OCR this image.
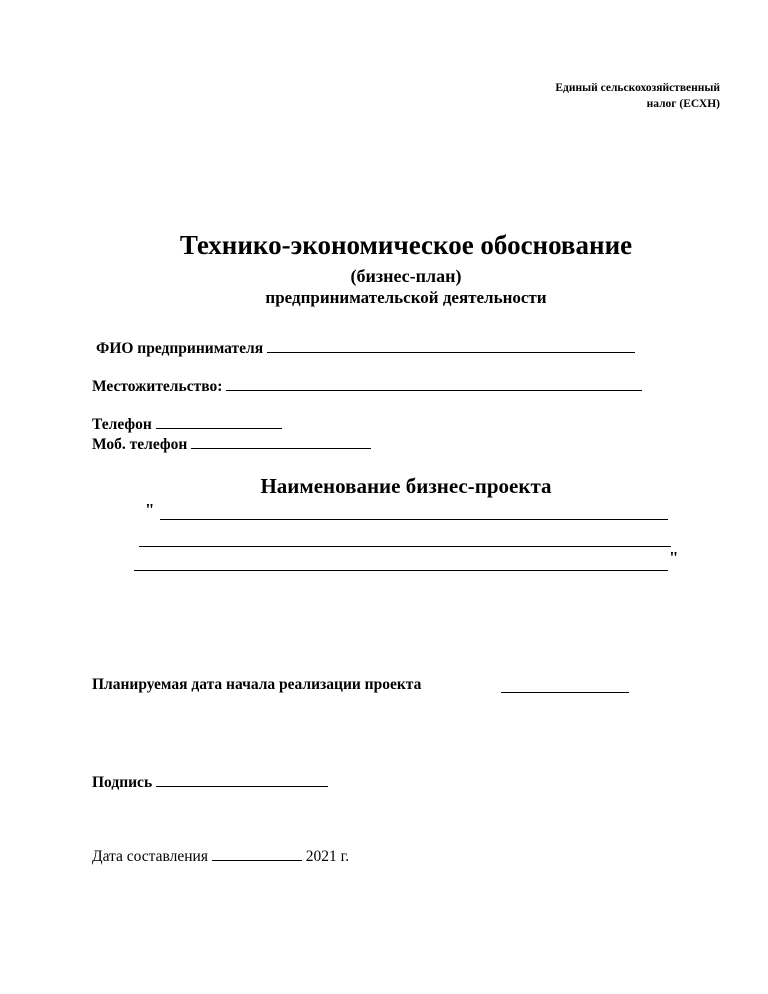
Единый сельскохозяйственный
налог (ЕСХН)
Технико-экономическое обоснование
(бизнес-план)
предпринимательской деятельности
ФИО предпринимателя
Местожительство:
Телефон
Моб. телефон
Наименование бизнес-проекта
"
"
Планируемая дата начала реализации проекта
Подпись
Дата составления	2021 г.
